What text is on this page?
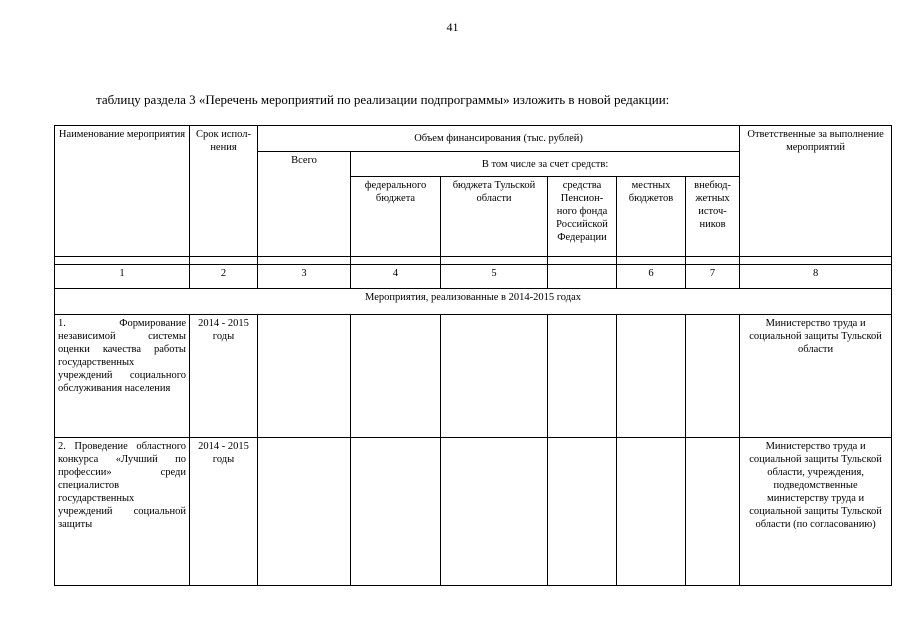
41
таблицу раздела 3 «Перечень мероприятий по реализации подпрограммы» изложить в новой редакции:
Наименование мероприятия	Срок испол-нения	Объем финансирования (тыс. рублей)						Ответственные за выполнение мероприятий
		Всего	В том числе за счет средств:					
			федерального бюджета	бюджета Тульской области	средства Пенсион-ного фонда Российской Федерации	местных бюджетов	внебюд-жетных источ-ников	

1	2	3	4	5		6	7	8
Мероприятия, реализованные в 2014-2015 годах								
1. Формирование независимой системы оценки качества работы государственных учреждений социального обслуживания населения	2014 - 2015 годы							Министерство труда и социальной защиты Тульской области
2. Проведение областного конкурса «Лучший по профессии» среди специалистов государственных учреждений социальной защиты	2014 - 2015 годы							Министерство труда и социальной защиты Тульской области, учреждения, подведомственные министерству труда и социальной защиты Тульской области (по согласованию)
